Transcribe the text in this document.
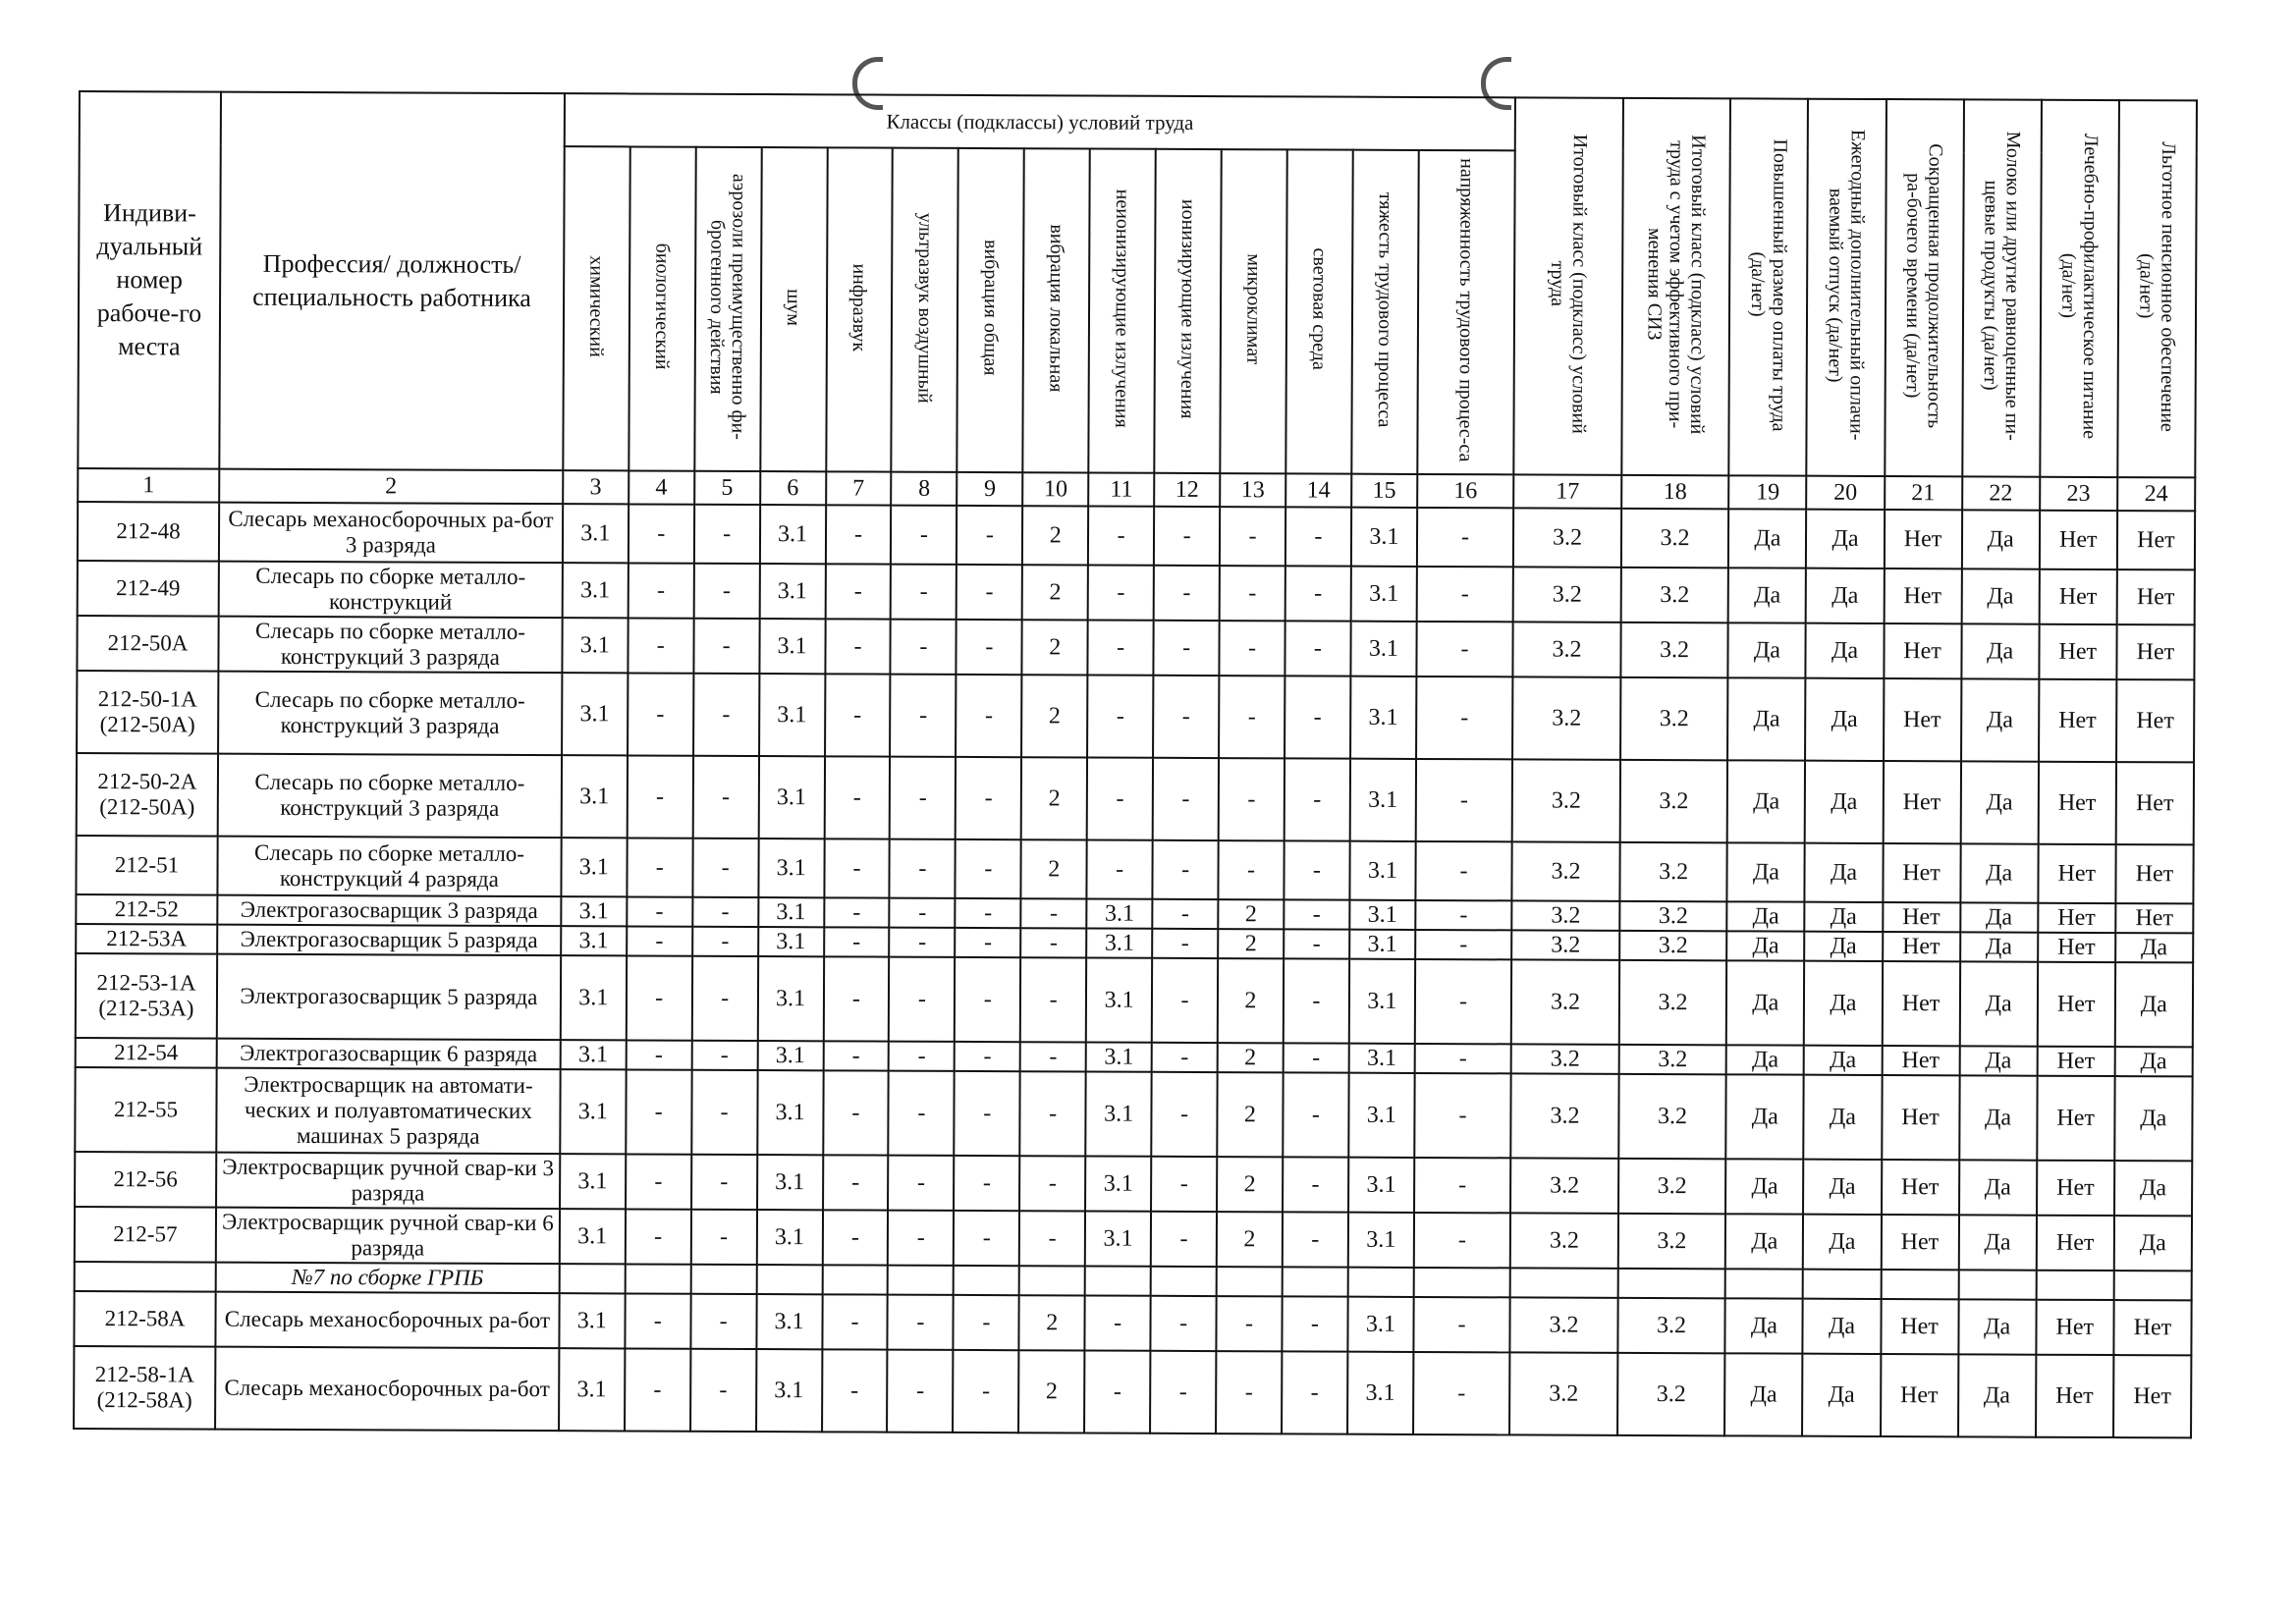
Индиви-дуальный номер рабоче-го места	Профессия/ должность/ специальность работника	Классы (подклассы) условий труда														Итоговый класс (подкласс) условий труда	Итоговый класс (подкласс) условий труда с учетом эффективного при-менения СИЗ	Повышенный размер оплаты труда (да/нет)	Ежегодный дополнительный оплачи-ваемый отпуск (да/нет)	Сокращенная продолжительность ра-бочего времени (да/нет)	Молоко или другие равноценные пи-щевые продукты (да/нет)	Лечебно-профилактическое питание (да/нет)	Льготное пенсионное обеспечение (да/нет)
		химический	биологический	аэрозоли преимущественно фи-брогенного действия	шум	инфразвук	ультразвук воздушный	вибрация общая	вибрация локальная	неионизирующие излучения	ионизирующие излучения	микроклимат	световая среда	тяжесть трудового процесса	напряженность трудового процес-са								
1	2	3	4	5	6	7	8	9	10	11	12	13	14	15	16	17	18	19	20	21	22	23	24
212-48	Слесарь механосборочных ра-бот 3 разряда	3.1	-	-	3.1	-	-	-	2	-	-	-	-	3.1	-	3.2	3.2	Да	Да	Нет	Да	Нет	Нет
212-49	Слесарь по сборке металло-конструкций	3.1	-	-	3.1	-	-	-	2	-	-	-	-	3.1	-	3.2	3.2	Да	Да	Нет	Да	Нет	Нет
212-50А	Слесарь по сборке металло-конструкций 3 разряда	3.1	-	-	3.1	-	-	-	2	-	-	-	-	3.1	-	3.2	3.2	Да	Да	Нет	Да	Нет	Нет
212-50-1А (212-50А)	Слесарь по сборке металло-конструкций 3 разряда	3.1	-	-	3.1	-	-	-	2	-	-	-	-	3.1	-	3.2	3.2	Да	Да	Нет	Да	Нет	Нет
212-50-2А (212-50А)	Слесарь по сборке металло-конструкций 3 разряда	3.1	-	-	3.1	-	-	-	2	-	-	-	-	3.1	-	3.2	3.2	Да	Да	Нет	Да	Нет	Нет
212-51	Слесарь по сборке металло-конструкций 4 разряда	3.1	-	-	3.1	-	-	-	2	-	-	-	-	3.1	-	3.2	3.2	Да	Да	Нет	Да	Нет	Нет
212-52	Электрогазосварщик 3 разряда	3.1	-	-	3.1	-	-	-	-	3.1	-	2	-	3.1	-	3.2	3.2	Да	Да	Нет	Да	Нет	Нет
212-53А	Электрогазосварщик 5 разряда	3.1	-	-	3.1	-	-	-	-	3.1	-	2	-	3.1	-	3.2	3.2	Да	Да	Нет	Да	Нет	Да
212-53-1А (212-53А)	Электрогазосварщик 5 разряда	3.1	-	-	3.1	-	-	-	-	3.1	-	2	-	3.1	-	3.2	3.2	Да	Да	Нет	Да	Нет	Да
212-54	Электрогазосварщик 6 разряда	3.1	-	-	3.1	-	-	-	-	3.1	-	2	-	3.1	-	3.2	3.2	Да	Да	Нет	Да	Нет	Да
212-55	Электросварщик на автомати-ческих и полуавтоматических машинах 5 разряда	3.1	-	-	3.1	-	-	-	-	3.1	-	2	-	3.1	-	3.2	3.2	Да	Да	Нет	Да	Нет	Да
212-56	Электросварщик ручной свар-ки 3 разряда	3.1	-	-	3.1	-	-	-	-	3.1	-	2	-	3.1	-	3.2	3.2	Да	Да	Нет	Да	Нет	Да
212-57	Электросварщик ручной свар-ки 6 разряда	3.1	-	-	3.1	-	-	-	-	3.1	-	2	-	3.1	-	3.2	3.2	Да	Да	Нет	Да	Нет	Да
	№7 по сборке ГРПБ																						
212-58А	Слесарь механосборочных ра-бот	3.1	-	-	3.1	-	-	-	2	-	-	-	-	3.1	-	3.2	3.2	Да	Да	Нет	Да	Нет	Нет
212-58-1А (212-58А)	Слесарь механосборочных ра-бот	3.1	-	-	3.1	-	-	-	2	-	-	-	-	3.1	-	3.2	3.2	Да	Да	Нет	Да	Нет	Нет
